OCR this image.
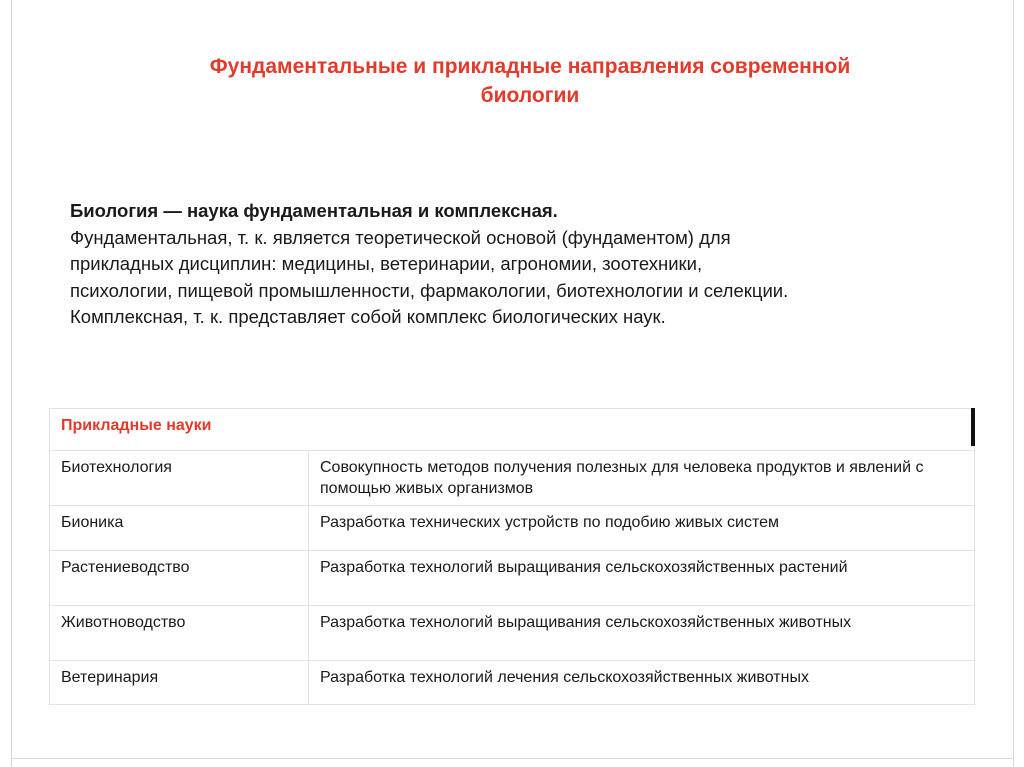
Фундаментальные и прикладные направления современной
биологии
Биология — наука фундаментальная и комплексная.
Фундаментальная, т. к. является теоретической основой (фундаментом) для
прикладных дисциплин: медицины, ветеринарии, агрономии, зоотехники,
психологии, пищевой промышленности, фармакологии, биотехнологии и селекции.
Комплексная, т. к. представляет собой комплекс биологических наук.
Прикладные науки	
Биотехнология	Совокупность методов получения полезных для человека продуктов и явлений с помощью живых организмов
Бионика	Разработка технических устройств по подобию живых систем
Растениеводство	Разработка технологий выращивания сельскохозяйственных растений
Животноводство	Разработка технологий выращивания сельскохозяйственных животных
Ветеринария	Разработка технологий лечения сельскохозяйственных животных
